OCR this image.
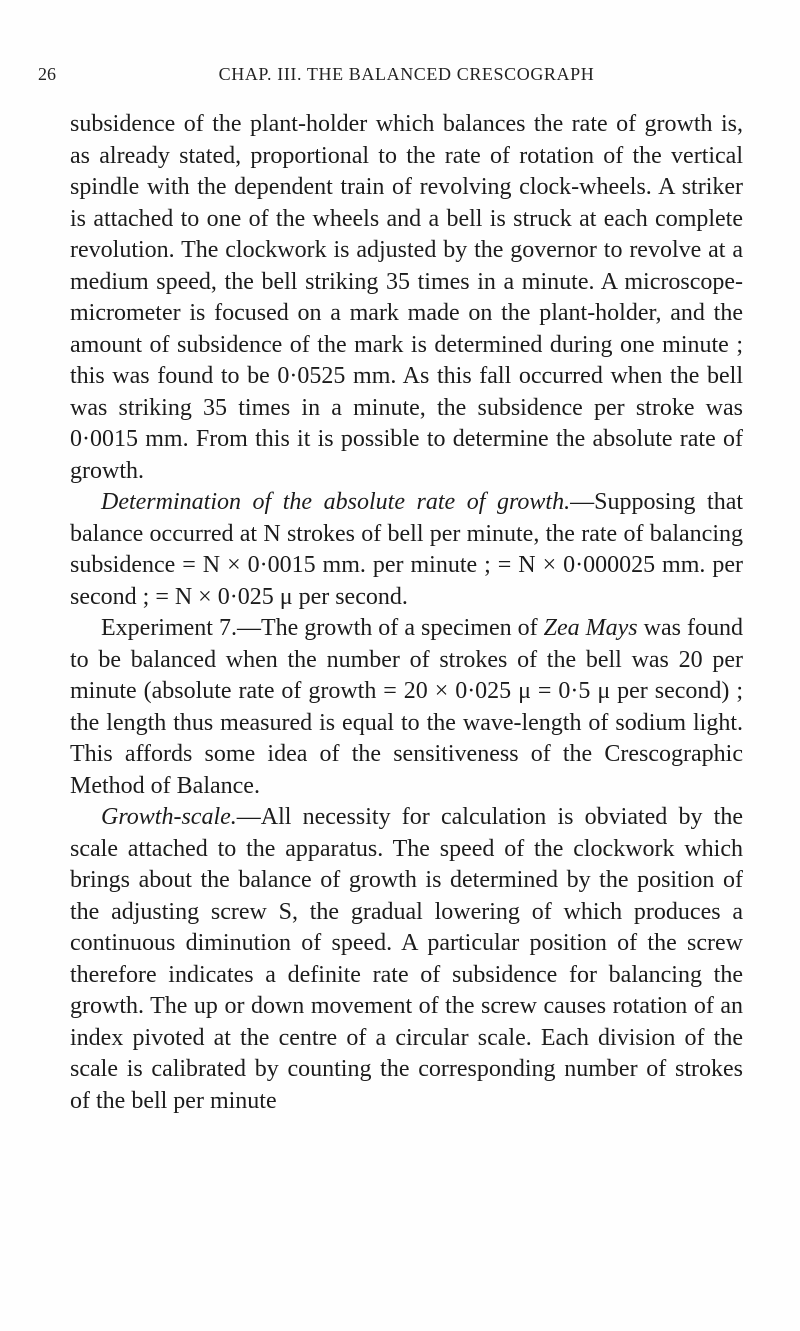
26	CHAP. III. THE BALANCED CRESCOGRAPH

subsidence of the plant-holder which balances the rate of growth is, as already stated, proportional to the rate of rotation of the vertical spindle with the dependent train of revolving clock-wheels. A striker is attached to one of the wheels and a bell is struck at each complete revolution. The clockwork is adjusted by the governor to revolve at a medium speed, the bell striking 35 times in a minute. A microscope-micrometer is focused on a mark made on the plant-holder, and the amount of subsidence of the mark is determined during one minute ; this was found to be 0·0525 mm. As this fall occurred when the bell was striking 35 times in a minute, the subsidence per stroke was 0·0015 mm. From this it is possible to determine the absolute rate of growth.

Determination of the absolute rate of growth.—Supposing that balance occurred at N strokes of bell per minute, the rate of balancing subsidence = N × 0·0015 mm. per minute ; = N × 0·000025 mm. per second ; = N × 0·025 μ per second.

Experiment 7.—The growth of a specimen of Zea Mays was found to be balanced when the number of strokes of the bell was 20 per minute (absolute rate of growth = 20 × 0·025 μ = 0·5 μ per second) ; the length thus measured is equal to the wave-length of sodium light. This affords some idea of the sensitiveness of the Crescographic Method of Balance.

Growth-scale.—All necessity for calculation is obviated by the scale attached to the apparatus. The speed of the clockwork which brings about the balance of growth is determined by the position of the adjusting screw S, the gradual lowering of which produces a continuous diminution of speed. A particular position of the screw therefore indicates a definite rate of subsidence for balancing the growth. The up or down movement of the screw causes rotation of an index pivoted at the centre of a circular scale. Each division of the scale is calibrated by counting the corresponding number of strokes of the bell per minute
